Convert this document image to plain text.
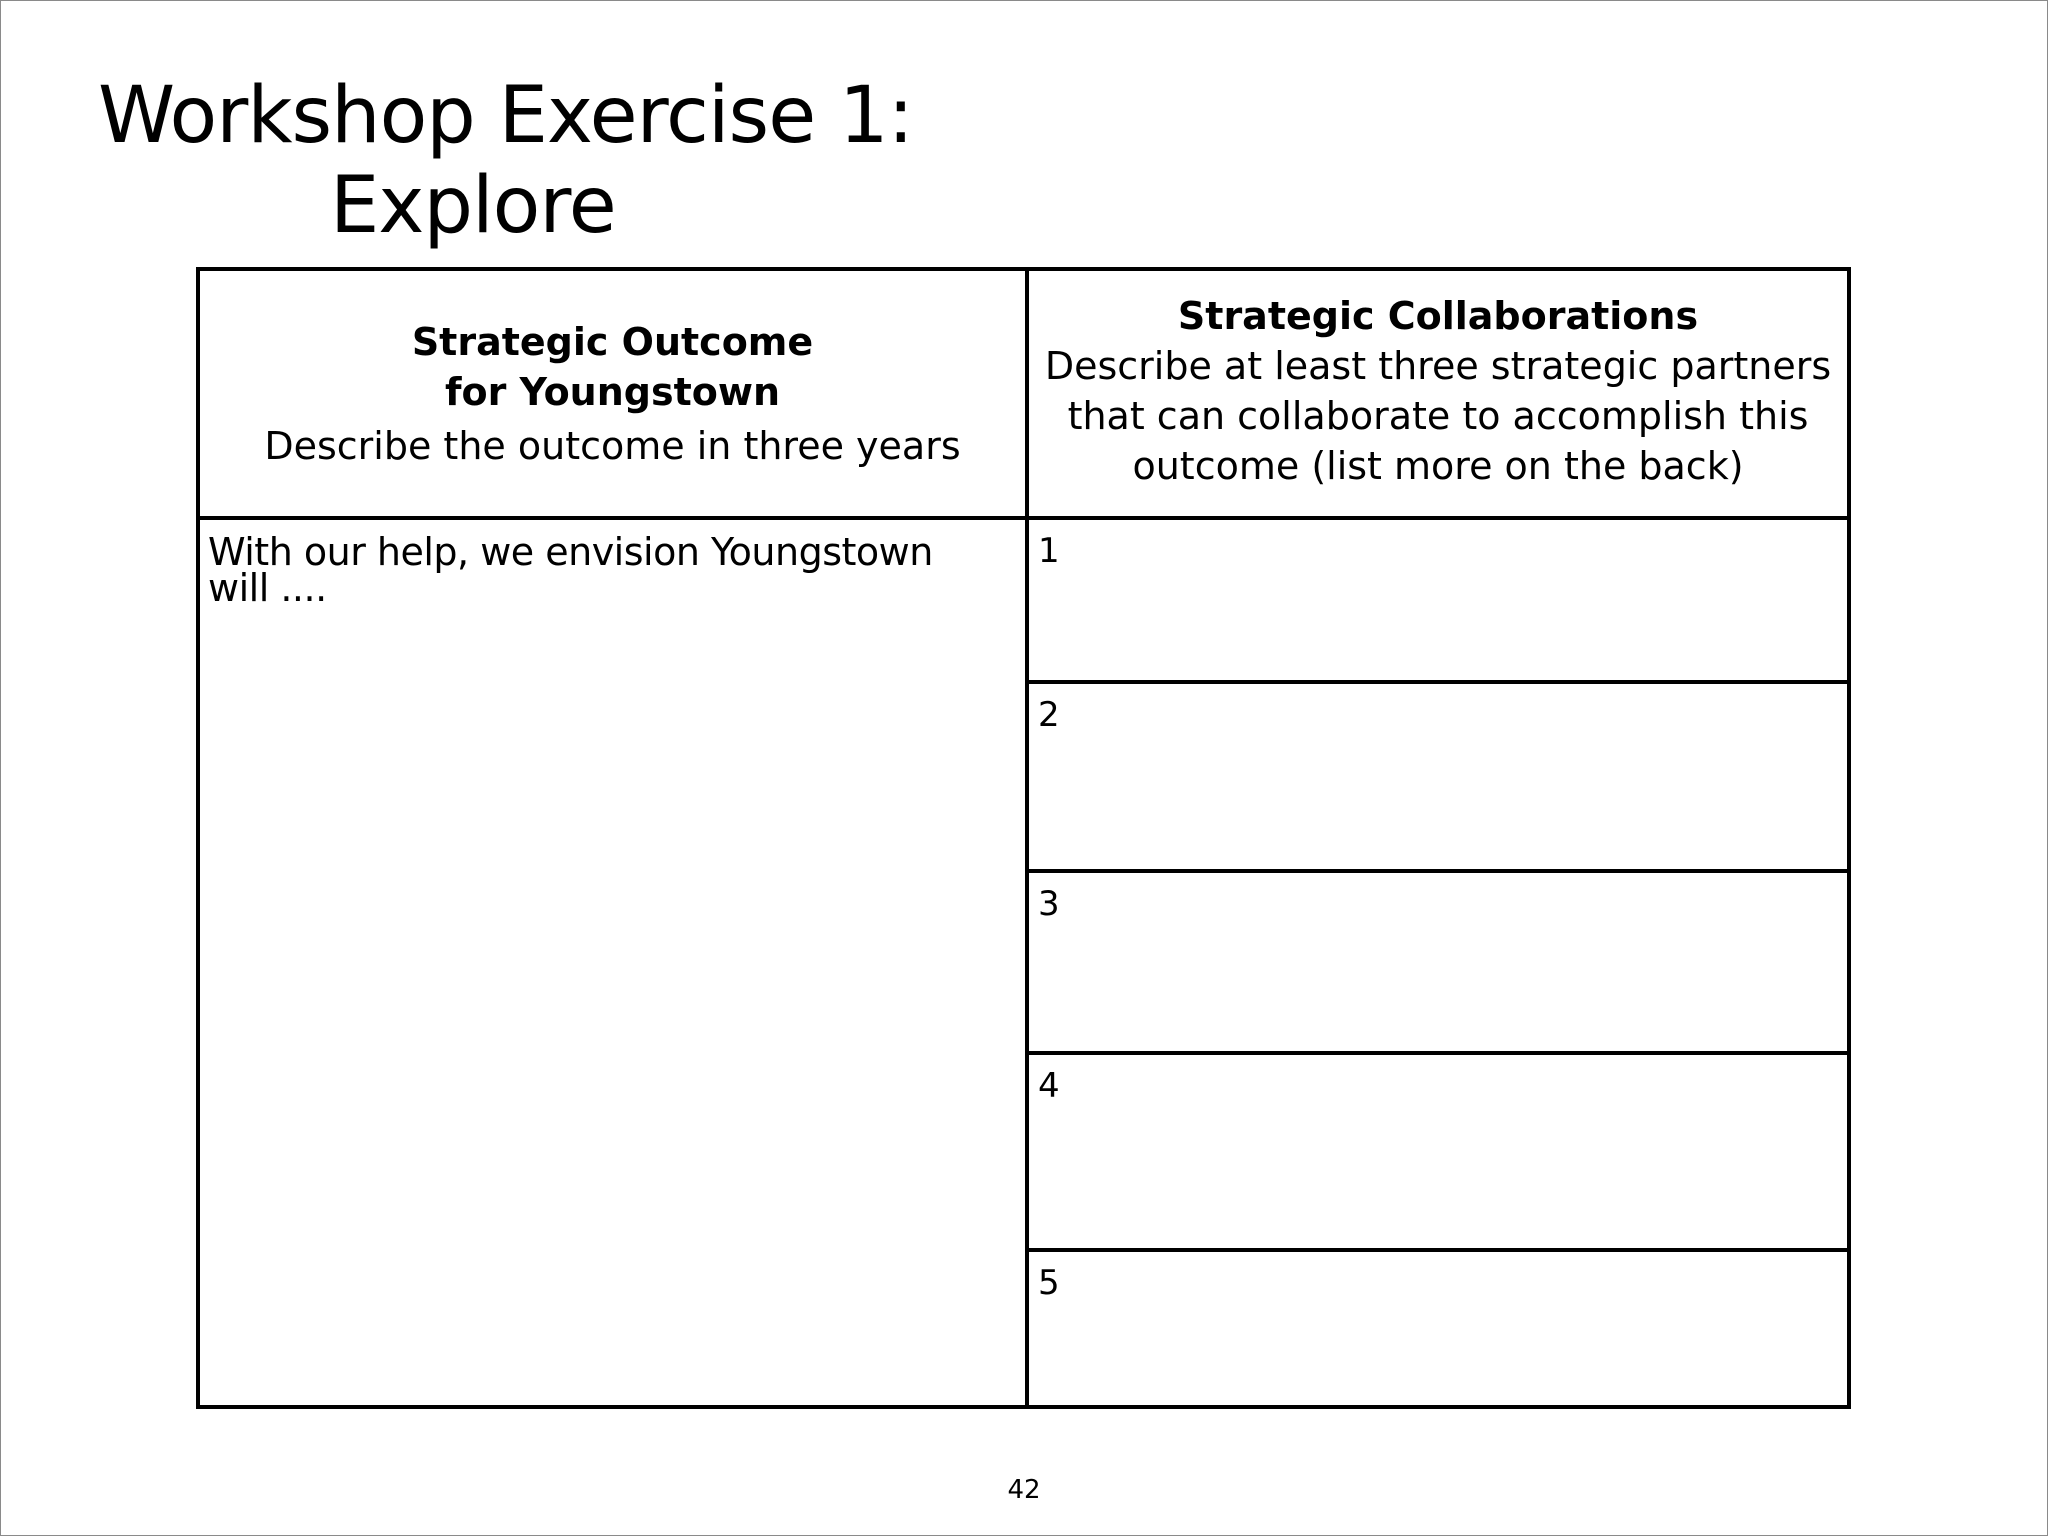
Workshop Exercise 1:
Explore
Strategic Outcome
for Youngstown
Describe the outcome in three years
Strategic Collaborations
Describe at least three strategic partners
that can collaborate to accomplish this
outcome (list more on the back)
With our help, we envision Youngstown
will ....
1
2
3
4
5
42
